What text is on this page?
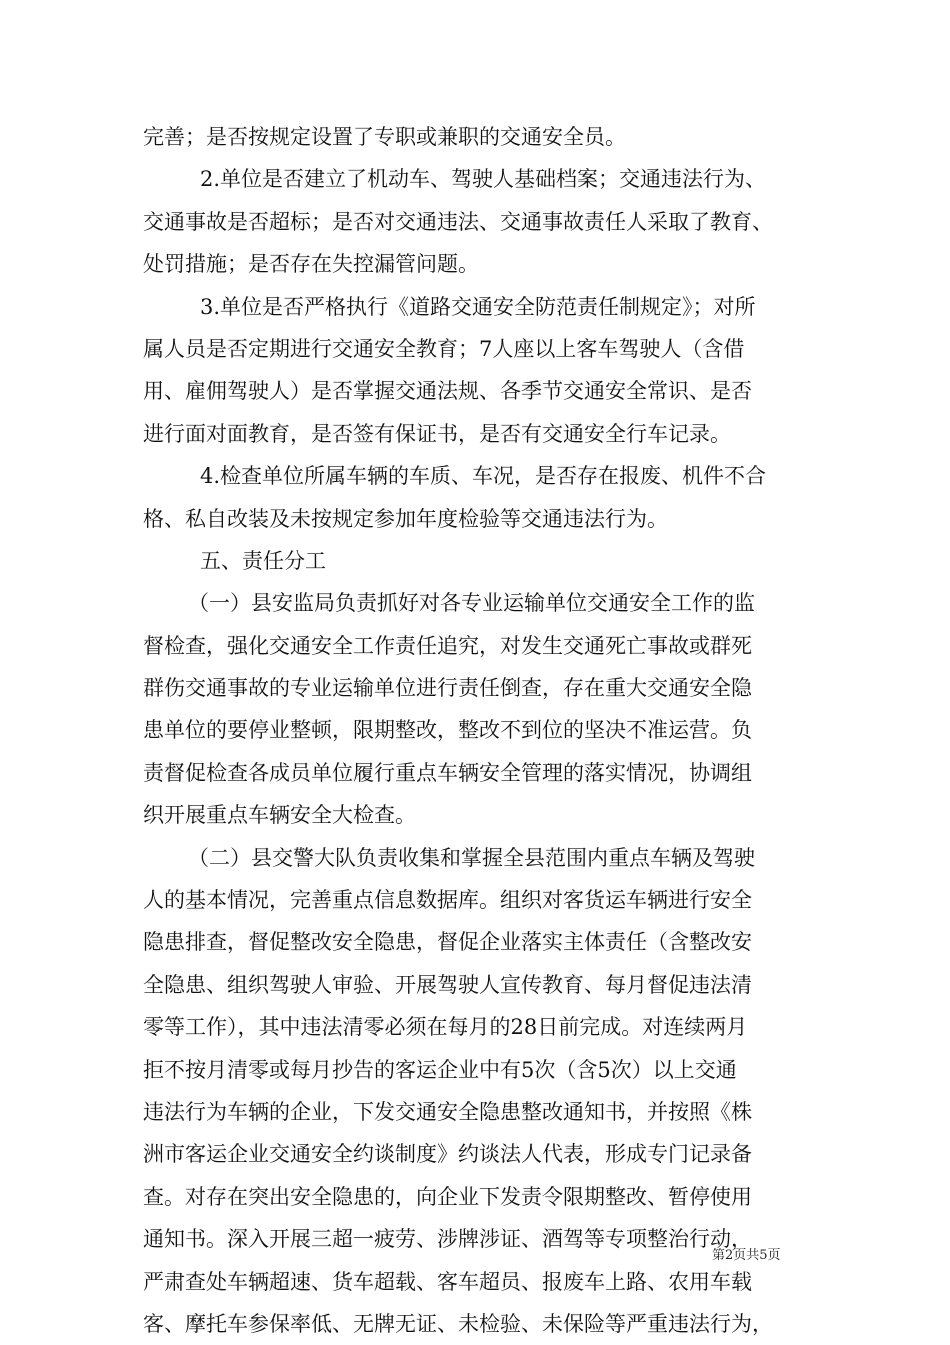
完善；是否按规定设置了专职或兼职的交通安全员。
2.单位是否建立了机动车、驾驶人基础档案；交通违法行为、
交通事故是否超标；是否对交通违法、交通事故责任人采取了教育、
处罚措施；是否存在失控漏管问题。
3.单位是否严格执行《道路交通安全防范责任制规定》；对所
属人员是否定期进行交通安全教育；7人座以上客车驾驶人（含借
用、雇佣驾驶人）是否掌握交通法规、各季节交通安全常识、是否
进行面对面教育，是否签有保证书，是否有交通安全行车记录。
4.检查单位所属车辆的车质、车况，是否存在报废、机件不合
格、私自改装及未按规定参加年度检验等交通违法行为。
五、责任分工
（一）县安监局负责抓好对各专业运输单位交通安全工作的监
督检查，强化交通安全工作责任追究，对发生交通死亡事故或群死
群伤交通事故的专业运输单位进行责任倒查，存在重大交通安全隐
患单位的要停业整顿，限期整改，整改不到位的坚决不准运营。负
责督促检查各成员单位履行重点车辆安全管理的落实情况，协调组
织开展重点车辆安全大检查。
（二）县交警大队负责收集和掌握全县范围内重点车辆及驾驶
人的基本情况，完善重点信息数据库。组织对客货运车辆进行安全
隐患排查，督促整改安全隐患，督促企业落实主体责任（含整改安
全隐患、组织驾驶人审验、开展驾驶人宣传教育、每月督促违法清
零等工作），其中违法清零必须在每月的28日前完成。对连续两月
拒不按月清零或每月抄告的客运企业中有5次（含5次）以上交通
违法行为车辆的企业，下发交通安全隐患整改通知书，并按照《株
洲市客运企业交通安全约谈制度》约谈法人代表，形成专门记录备
查。对存在突出安全隐患的，向企业下发责令限期整改、暂停使用
通知书。深入开展三超一疲劳、涉牌涉证、酒驾等专项整治行动，
严肃查处车辆超速、货车超载、客车超员、报废车上路、农用车载
客、摩托车参保率低、无牌无证、未检验、未保险等严重违法行为，
第2页共5页
